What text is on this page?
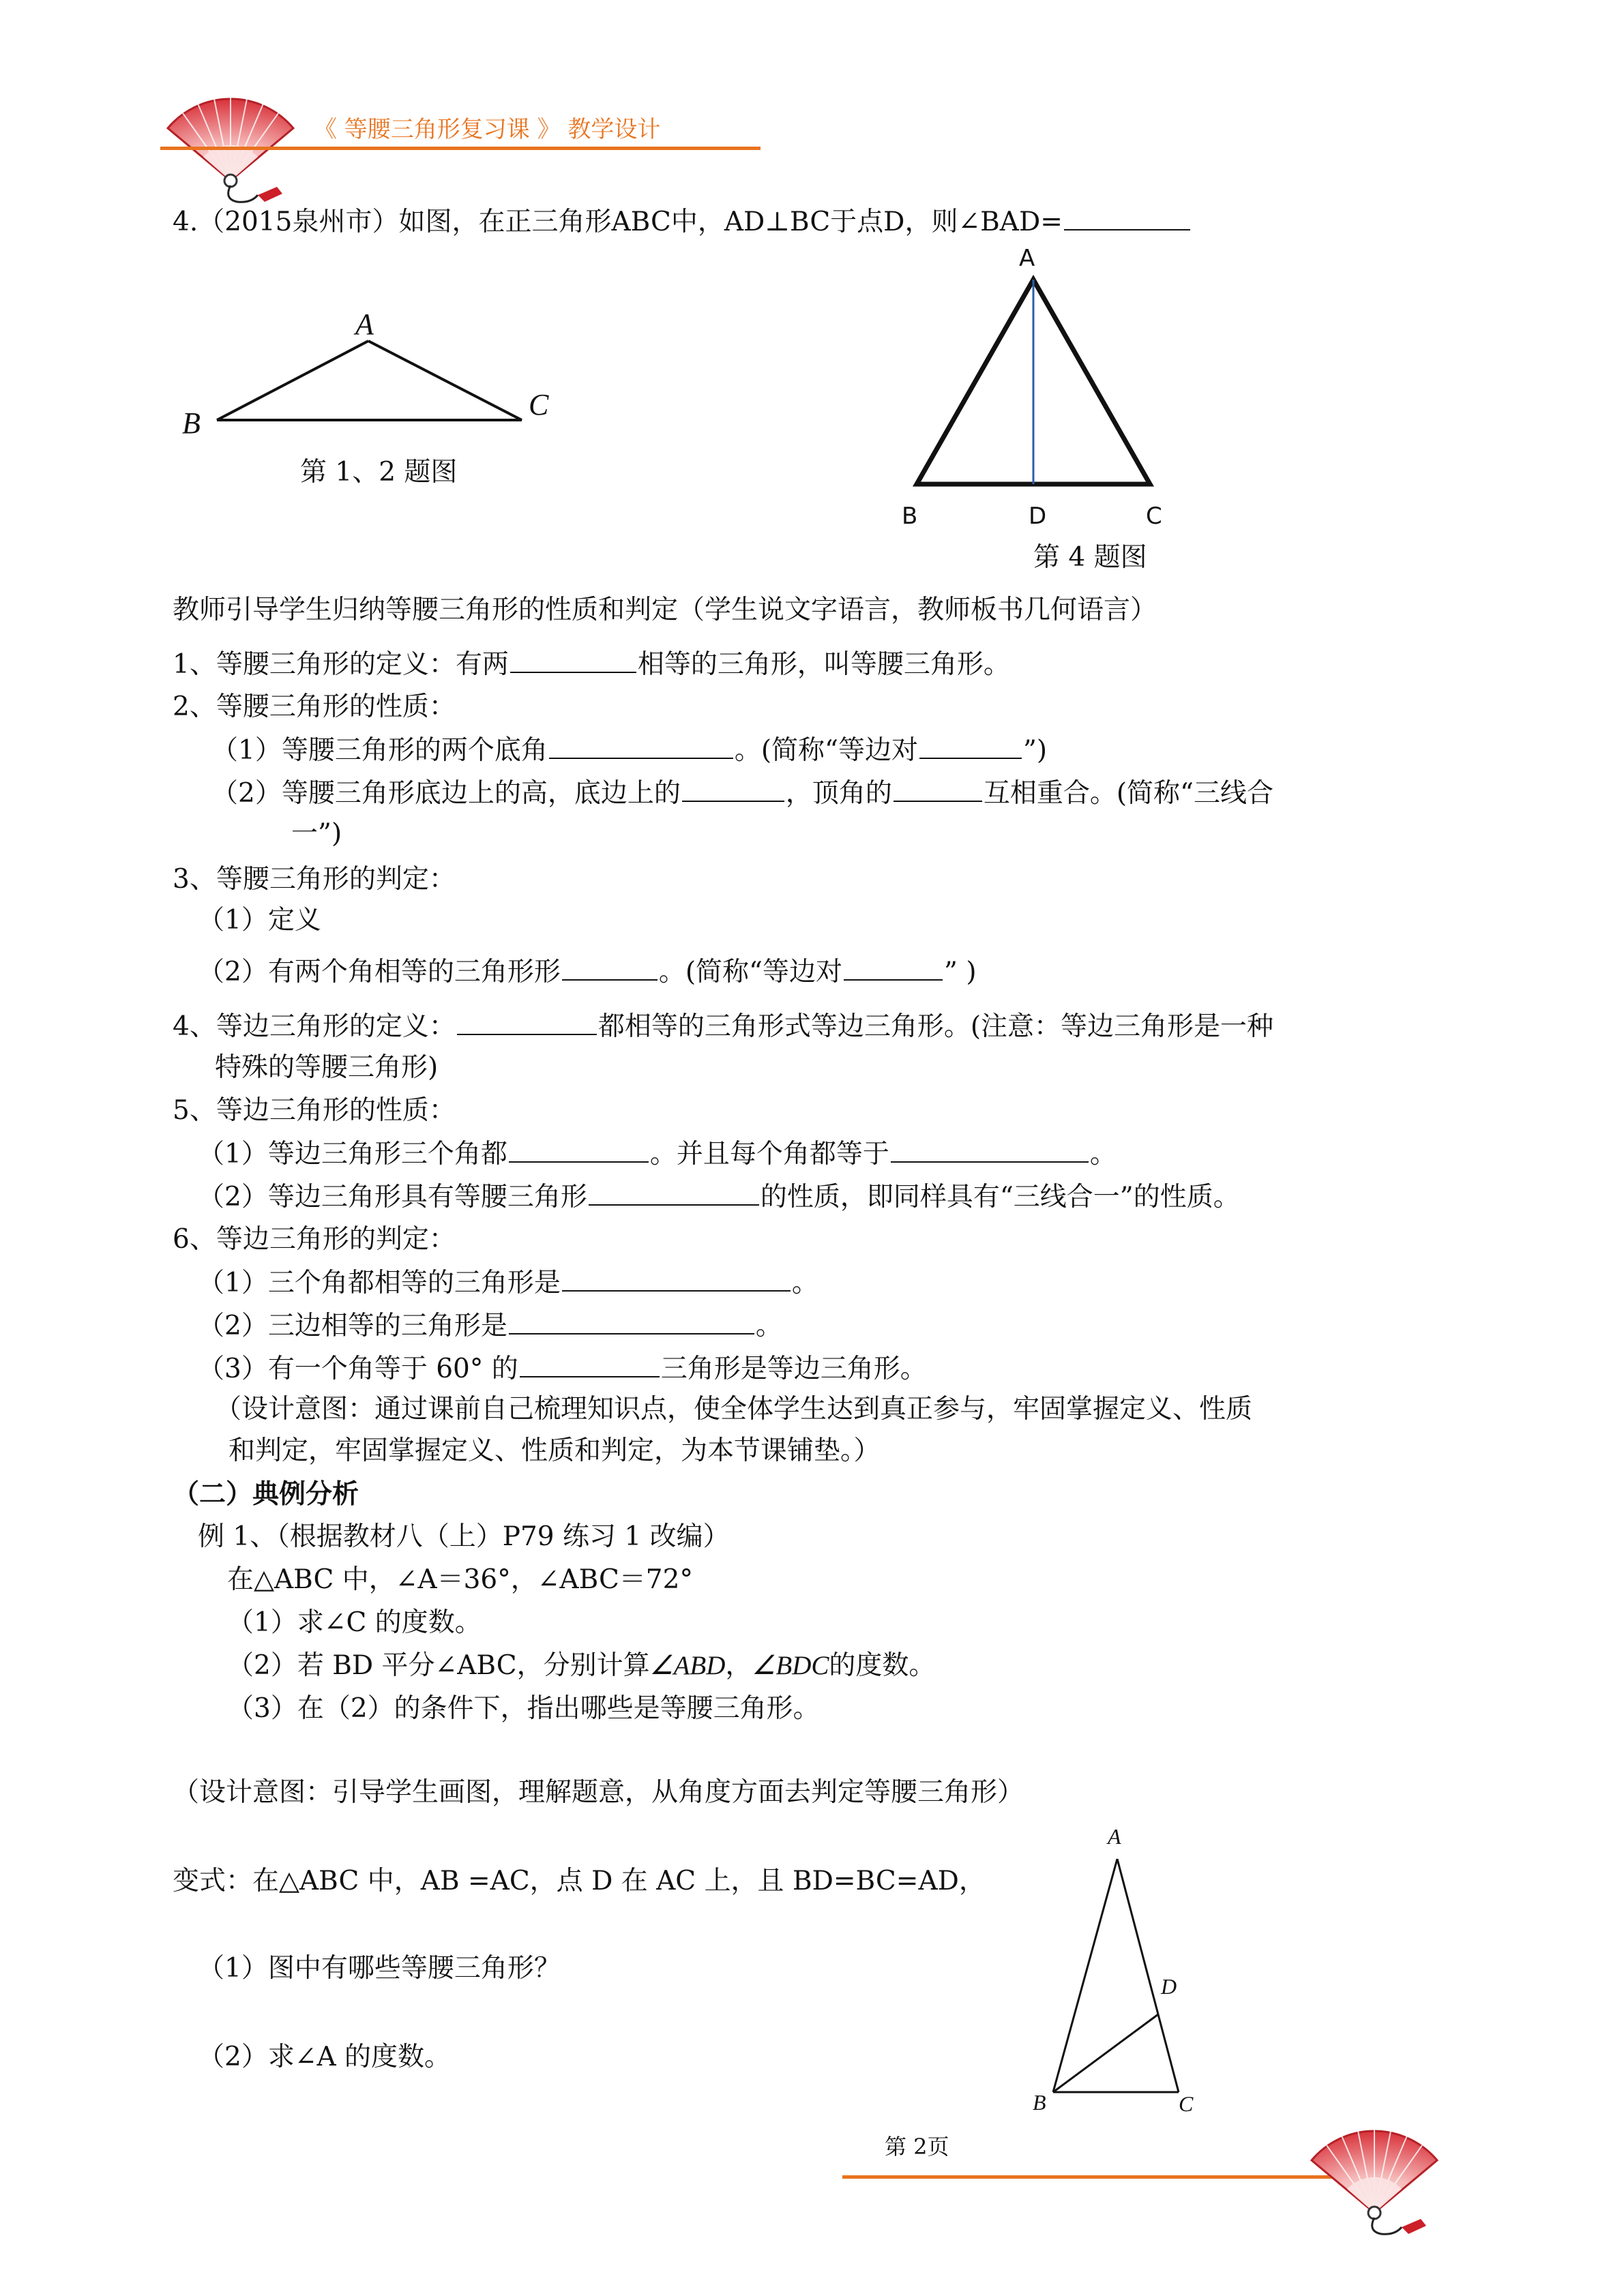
《 等腰三角形复习课 》 教学设计
4.（2015泉州市）如图，在正三角形ABC中，AD⊥BC于点D，则∠BAD=
A
B
C
第 1、2 题图
A
B	D	C
第 4 题图
教师引导学生归纳等腰三角形的性质和判定（学生说文字语言，教师板书几何语言）
1、等腰三角形的定义：有两	相等的三角形，叫等腰三角形。
2、等腰三角形的性质：
（1）等腰三角形的两个底角	。(简称“等边对	”)
（2）等腰三角形底边上的高，底边上的	，顶角的	互相重合。(简称“三线合
一”)
3、等腰三角形的判定：
（1）定义
（2）有两个角相等的三角形形	。(简称“等边对	” )
4、等边三角形的定义：	都相等的三角形式等边三角形。(注意：等边三角形是一种
特殊的等腰三角形)
5、等边三角形的性质：
（1）等边三角形三个角都	。并且每个角都等于	。
（2）等边三角形具有等腰三角形	的性质，即同样具有“三线合一”的性质。
6、等边三角形的判定：
（1）三个角都相等的三角形是	。
（2）三边相等的三角形是	。
（3）有一个角等于 60° 的	三角形是等边三角形。
（设计意图：通过课前自己梳理知识点，使全体学生达到真正参与，牢固掌握定义、性质
和判定，牢固掌握定义、性质和判定，为本节课铺垫。）
（二）典例分析
例 1、（根据教材八（上）P79 练习 1 改编）
在△ABC 中，∠A＝36°，∠ABC＝72°
（1）求∠C 的度数。
（2）若 BD 平分∠ABC，分别计算∠ABD，∠BDC的度数。
（3）在（2）的条件下，指出哪些是等腰三角形。
（设计意图：引导学生画图，理解题意，从角度方面去判定等腰三角形）
变式：在△ABC 中，AB =AC，点 D 在 AC 上，且 BD=BC=AD，
（1）图中有哪些等腰三角形？
（2）求∠A 的度数。
A
D
B	C
第 2页
